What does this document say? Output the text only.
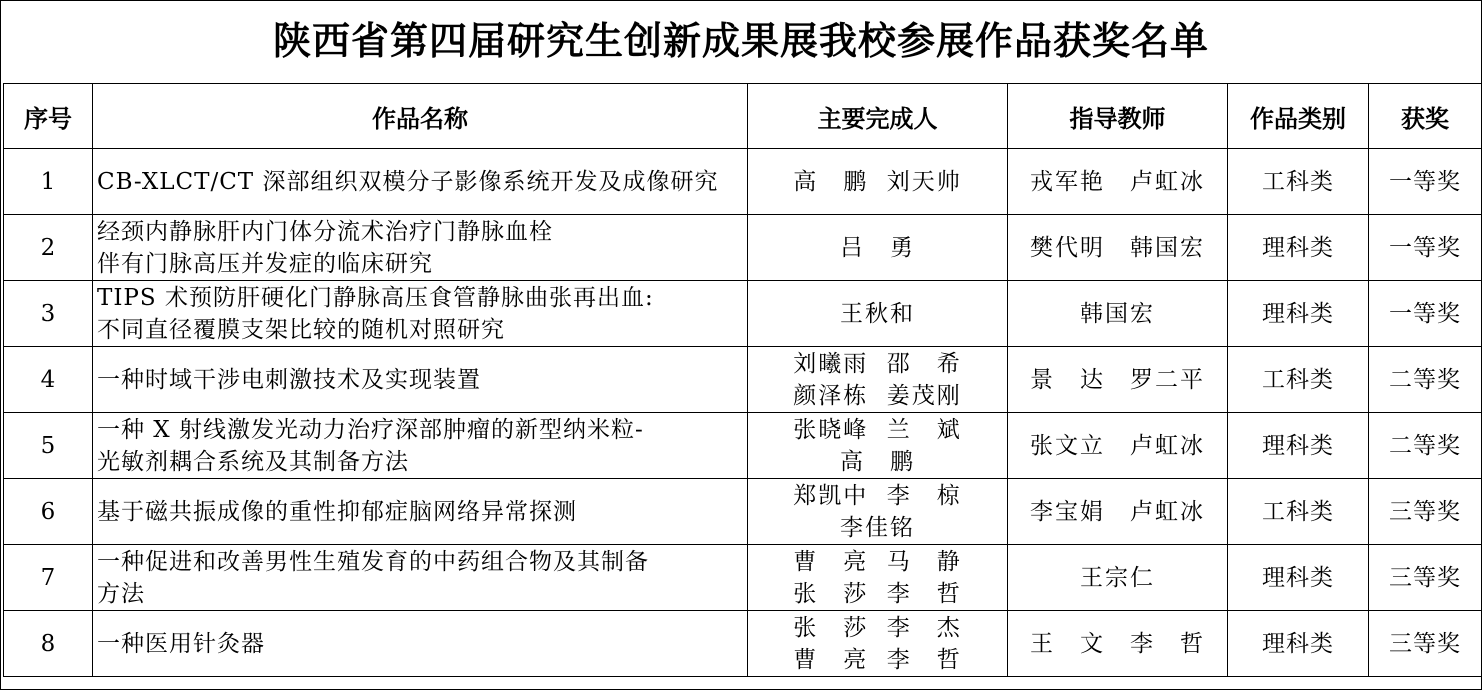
陕西省第四届研究生创新成果展我校参展作品获奖名单
序号	作品名称	主要完成人	指导教师	作品类别	获奖
1	CB-XLCT/CT 深部组织双模分子影像系统开发及成像研究	高　鹏  刘天帅	戎军艳　卢虹冰	工科类	一等奖
2	经颈内静脉肝内门体分流术治疗门静脉血栓
伴有门脉高压并发症的临床研究	吕　勇	樊代明　韩国宏	理科类	一等奖
3	TIPS 术预防肝硬化门静脉高压食管静脉曲张再出血:
不同直径覆膜支架比较的随机对照研究	王秋和	韩国宏	理科类	一等奖
4	一种时域干涉电刺激技术及实现装置	刘曦雨  邵　希
颜泽栋  姜茂刚	景　达　罗二平	工科类	二等奖
5	一种 X 射线激发光动力治疗深部肿瘤的新型纳米粒-
光敏剂耦合系统及其制备方法	张晓峰  兰　斌
高　鹏	张文立　卢虹冰	理科类	二等奖
6	基于磁共振成像的重性抑郁症脑网络异常探测	郑凯中  李　椋
李佳铭	李宝娟　卢虹冰	工科类	三等奖
7	一种促进和改善男性生殖发育的中药组合物及其制备
方法	曹　亮  马　静
张　莎  李　哲	王宗仁	理科类	三等奖
8	一种医用针灸器	张　莎  李　杰
曹　亮  李　哲	王　文　李　哲	理科类	三等奖
